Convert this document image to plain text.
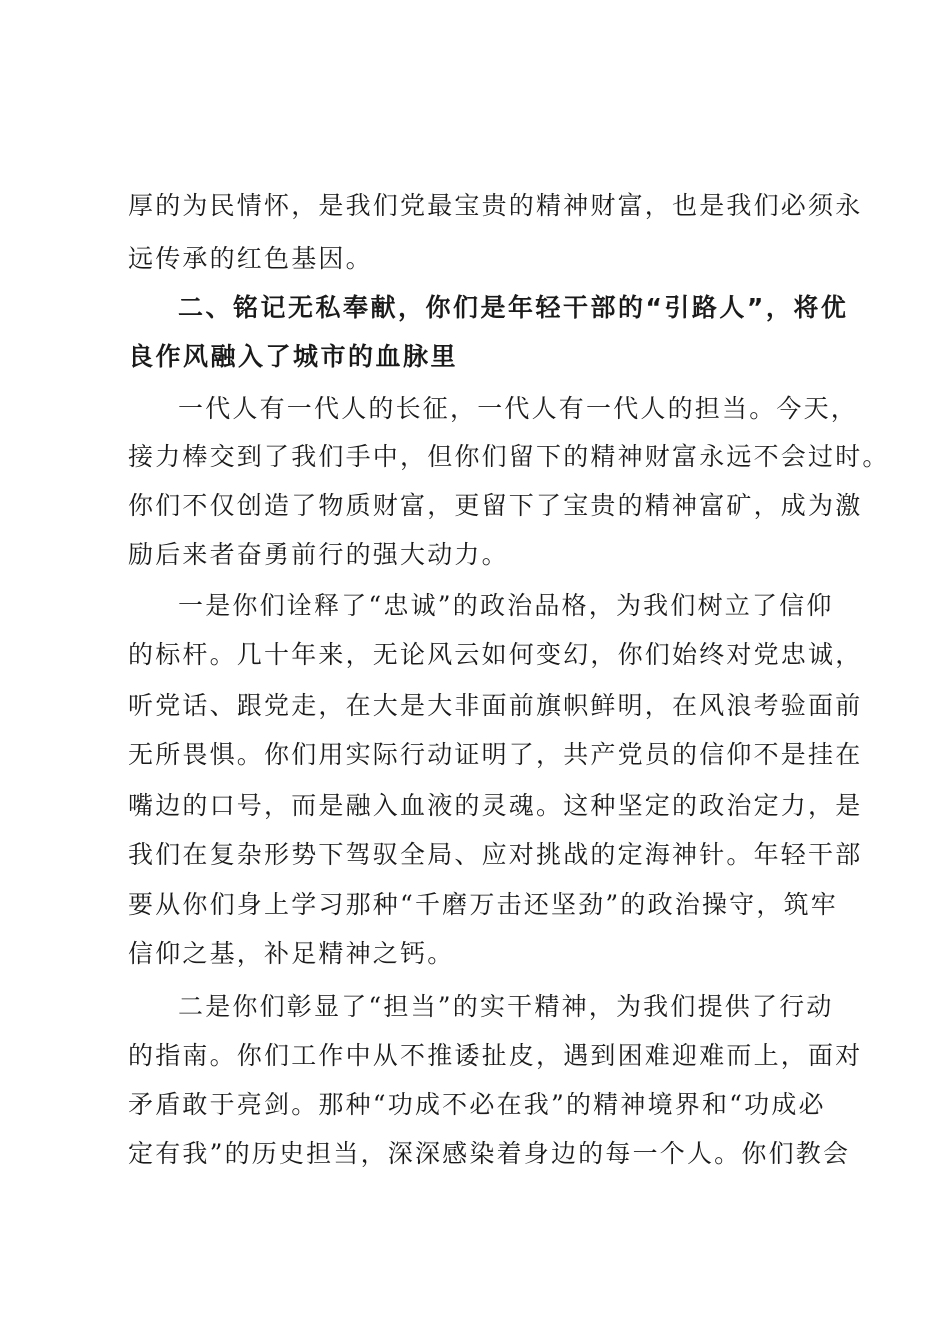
厚的为民情怀，是我们党最宝贵的精神财富，也是我们必须永
远传承的红色基因。
二、铭记无私奉献，你们是年轻干部的“引路人”，将优
良作风融入了城市的血脉里
一代人有一代人的长征，一代人有一代人的担当。今天，
接力棒交到了我们手中，但你们留下的精神财富永远不会过时。
你们不仅创造了物质财富，更留下了宝贵的精神富矿，成为激
励后来者奋勇前行的强大动力。
一是你们诠释了“忠诚”的政治品格，为我们树立了信仰
的标杆。几十年来，无论风云如何变幻，你们始终对党忠诚，
听党话、跟党走，在大是大非面前旗帜鲜明，在风浪考验面前
无所畏惧。你们用实际行动证明了，共产党员的信仰不是挂在
嘴边的口号，而是融入血液的灵魂。这种坚定的政治定力，是
我们在复杂形势下驾驭全局、应对挑战的定海神针。年轻干部
要从你们身上学习那种“千磨万击还坚劲”的政治操守，筑牢
信仰之基，补足精神之钙。
二是你们彰显了“担当”的实干精神，为我们提供了行动
的指南。你们工作中从不推诿扯皮，遇到困难迎难而上，面对
矛盾敢于亮剑。那种“功成不必在我”的精神境界和“功成必
定有我”的历史担当，深深感染着身边的每一个人。你们教会
